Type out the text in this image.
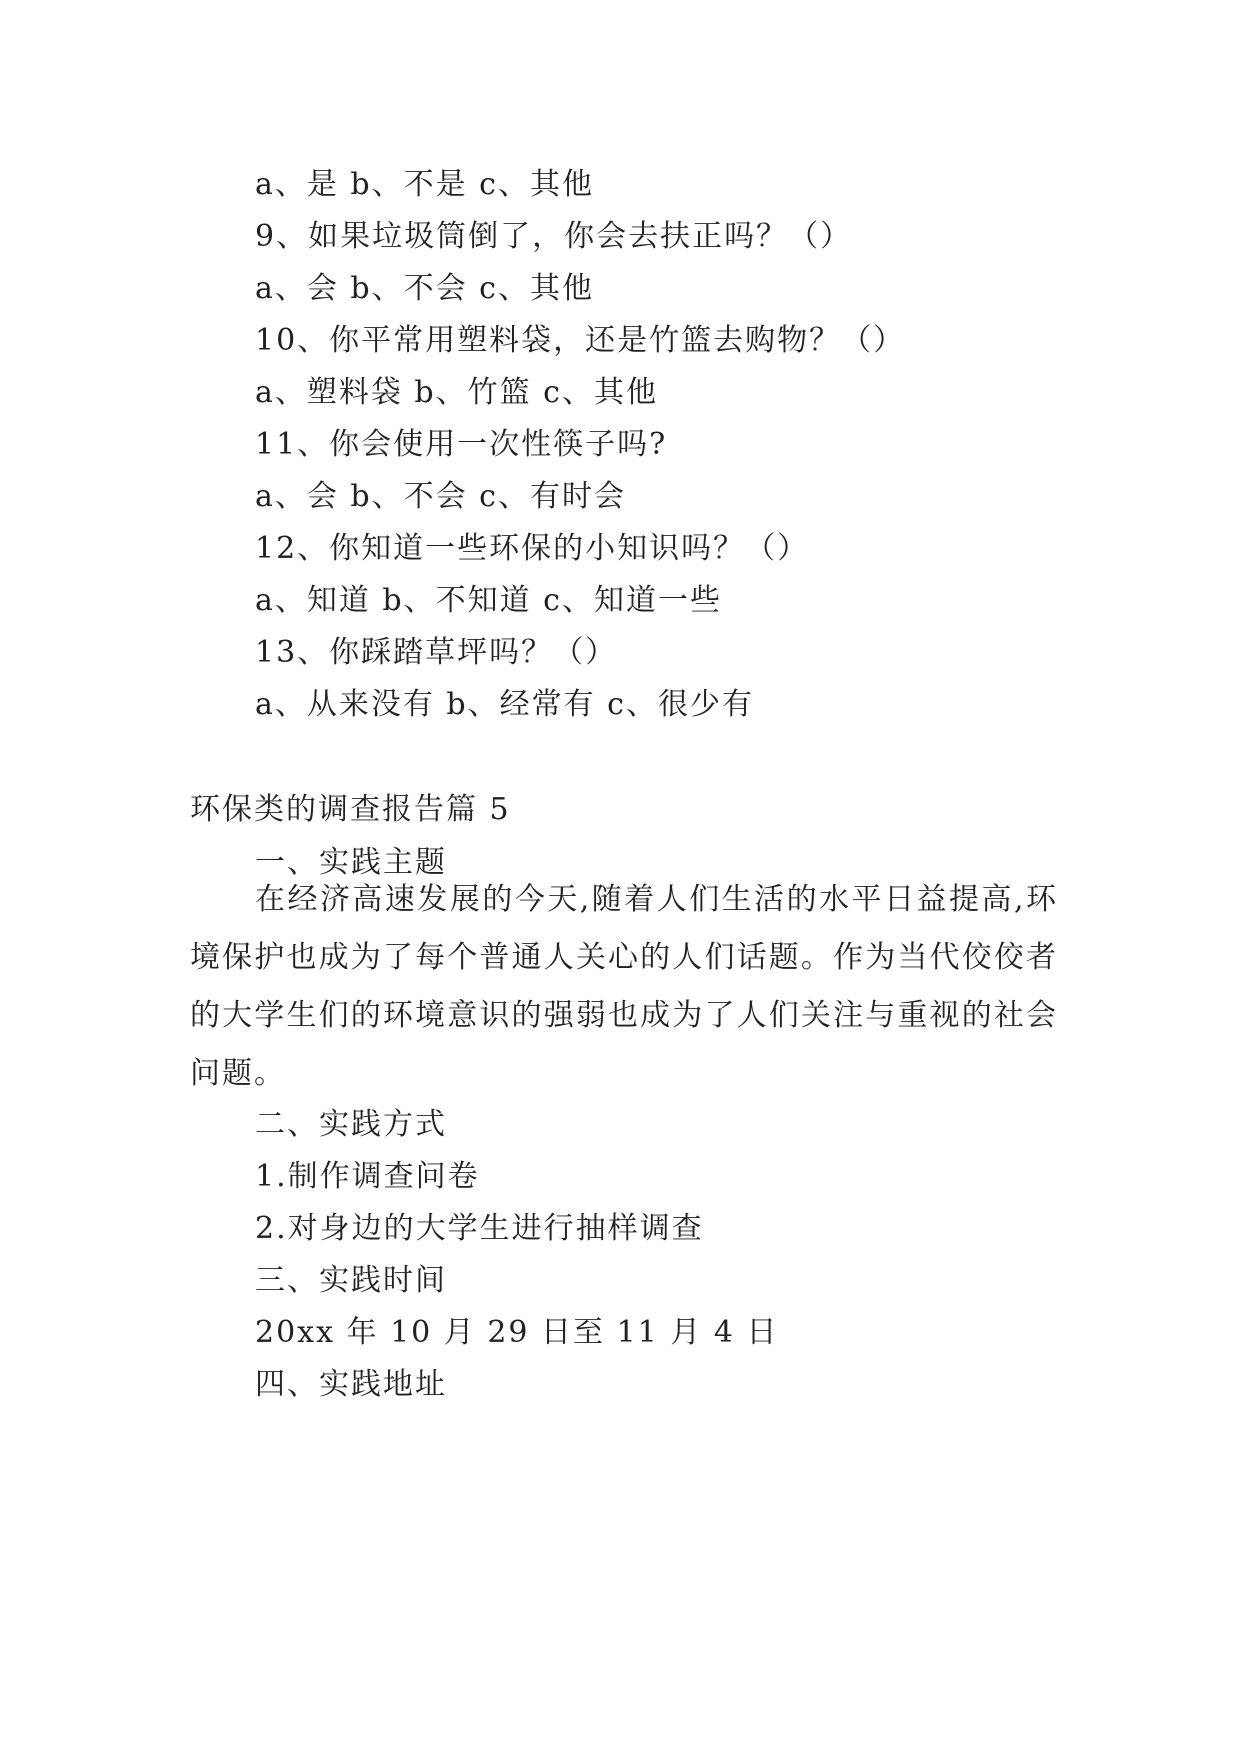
a、是 b、不是 c、其他
9、如果垃圾筒倒了，你会去扶正吗？（）
a、会 b、不会 c、其他
10、你平常用塑料袋，还是竹篮去购物？（）
a、塑料袋 b、竹篮 c、其他
11、你会使用一次性筷子吗?
a、会 b、不会 c、有时会
12、你知道一些环保的小知识吗？（）
a、知道 b、不知道 c、知道一些
13、你踩踏草坪吗？（）
a、从来没有 b、经常有 c、很少有
环保类的调查报告篇 5
一、实践主题
在经济高速发展的今天,随着人们生活的水平日益提高,环境保护也成为了每个普通人关心的人们话题。作为当代佼佼者的大学生们的环境意识的强弱也成为了人们关注与重视的社会问题。
二、实践方式
1.制作调查问卷
2.对身边的大学生进行抽样调查
三、实践时间
20xx 年 10 月 29 日至 11 月 4 日
四、实践地址
